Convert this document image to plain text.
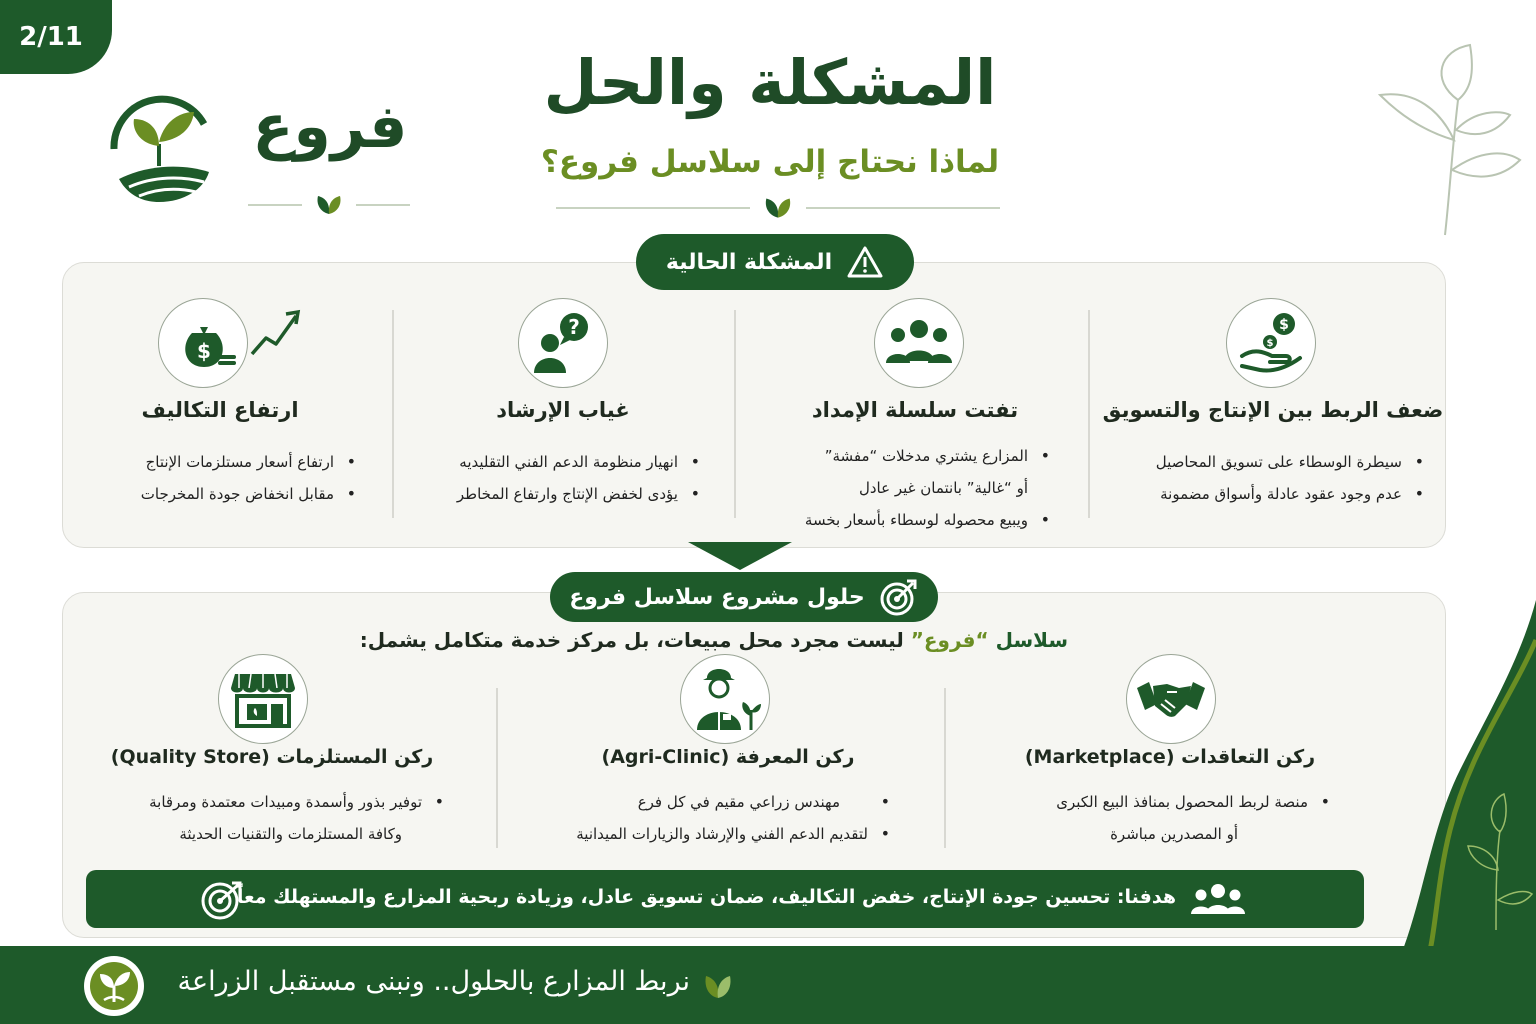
2/11
فروع
المشكلة والحل
لماذا نحتاج إلى سلاسل فروع؟
المشكلة الحالية
$
$
ضعف الربط بين الإنتاج والتسويق
• سيطرة الوسطاء على تسويق المحاصيل
• عدم وجود عقود عادلة وأسواق مضمونة
تفتت سلسلة الإمداد
• المزارع يشتري مدخلات “مفشة”
أو “غالية” بانتمان غير عادل
• ويبيع محصوله لوسطاء بأسعار بخسة
?
غياب الإرشاد
• انهيار منظومة الدعم الفني التقليديه
• يؤدى لخفض الإنتاج وارتفاع المخاطر
$
ارتفاع التكاليف
• ارتفاع أسعار مستلزمات الإنتاج
• مقابل انخفاض جودة المخرجات
حلول مشروع سلاسل فروع
سلاسل “فروع” ليست مجرد محل مبيعات، بل مركز خدمة متكامل يشمل:
ركن التعاقدات (Marketplace)
• منصة لربط المحصول بمنافذ البيع الكبرى
أو المصدرين مباشرة
ركن المعرفة (Agri-Clinic)
• مهندس زراعي مقيم في كل فرع
• لتقديم الدعم الفني والإرشاد والزيارات الميدانية
ركن المستلزمات (Quality Store)
• توفير بذور وأسمدة ومبيدات معتمدة ومرقابة
وكافة المستلزمات والتقنيات الحديثة
هدفنا: تحسين جودة الإنتاج، خفض التكاليف، ضمان تسويق عادل، وزيادة ربحية المزارع والمستهلك معاً
نربط المزارع بالحلول.. ونبنى مستقبل الزراعة
